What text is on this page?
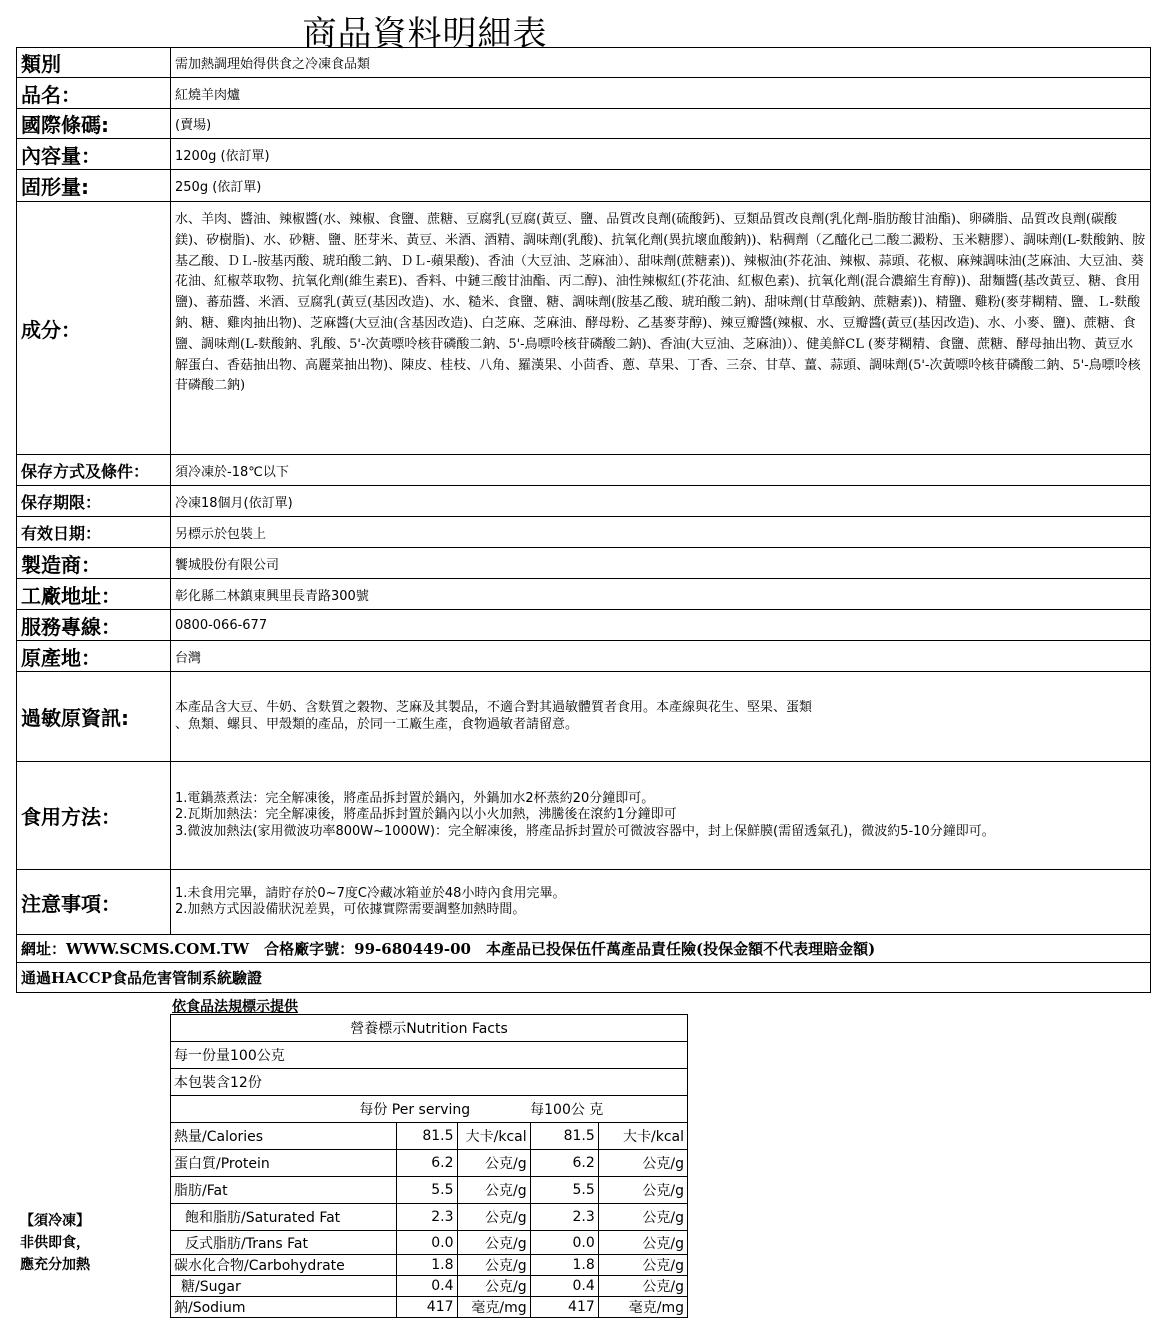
商品資料明細表
類別	需加熱調理始得供食之冷凍食品類
品名：	紅燒羊肉爐
國際條碼:	(賣場)
內容量：	1200g (依訂單)
固形量:	250g (依訂單)
成分：	水、羊肉、醬油、辣椒醬(水、辣椒、食鹽、蔗糖、豆腐乳(豆腐(黃豆、鹽、品質改良劑(硫酸鈣)、豆類品質改良劑(乳化劑-脂肪酸甘油酯)、卵磷脂、品質改良劑(碳酸鎂)、矽樹脂)、水、砂糖、鹽、胚芽米、黃豆、米酒、酒精、調味劑(乳酸)、抗氧化劑(異抗壞血酸鈉))、粘稠劑（乙醯化己二酸二澱粉、玉米糖膠）、調味劑(L-麩酸鈉、胺基乙酸、ＤＬ-胺基丙酸、琥珀酸二鈉、ＤＬ-蘋果酸)、香油（大豆油、芝麻油）、甜味劑(蔗糖素))、辣椒油(芥花油、辣椒、蒜頭、花椒、麻辣調味油(芝麻油、大豆油、葵花油、紅椒萃取物、抗氧化劑(維生素E)、香料、中鏈三酸甘油酯、丙二醇)、油性辣椒紅(芥花油、紅椒色素)、抗氧化劑(混合濃縮生育醇))、甜麵醬(基改黃豆、糖、食用鹽)、蕃茄醬、米酒、豆腐乳(黃豆(基因改造)、水、糙米、食鹽、糖、調味劑(胺基乙酸、琥珀酸二鈉)、甜味劑(甘草酸鈉、蔗糖素))、精鹽、雞粉(麥芽糊精、鹽、Ｌ-麩酸鈉、糖、雞肉抽出物)、芝麻醬(大豆油(含基因改造)、白芝麻、芝麻油、酵母粉、乙基麥芽醇)、辣豆瓣醬(辣椒、水、豆瓣醬(黃豆(基因改造)、水、小麥、鹽)、蔗糖、食鹽、調味劑(L-麩酸鈉、乳酸、5'-次黃嘌呤核苷磷酸二鈉、5'-鳥嘌呤核苷磷酸二鈉)、香油(大豆油、芝麻油)）、健美鮮CL (麥芽糊精、食鹽、蔗糖、酵母抽出物、黃豆水解蛋白、香菇抽出物、高麗菜抽出物)、陳皮、桂枝、八角、羅漢果、小茴香、蔥、草果、丁香、三奈、甘草、薑、蒜頭、調味劑(5'-次黃嘌呤核苷磷酸二鈉、5'-鳥嘌呤核苷磷酸二鈉)
保存方式及條件：	須冷凍於-18℃以下
保存期限：	冷凍18個月(依訂單)
有效日期：	另標示於包裝上
製造商：	饗城股份有限公司
工廠地址：	彰化縣二林鎮東興里長青路300號
服務專線：	0800-066-677
原產地：	台灣
過敏原資訊:	本產品含大豆、牛奶、含麩質之穀物、芝麻及其製品，不適合對其過敏體質者食用。本產線與花生、堅果、蛋類
、魚類、螺貝、甲殼類的產品，於同一工廠生產，食物過敏者請留意。

食用方法：	1.電鍋蒸煮法：完全解凍後，將產品拆封置於鍋內，外鍋加水2杯蒸約20分鐘即可。
2.瓦斯加熱法：完全解凍後，將產品拆封置於鍋內以小火加熱，沸騰後在滾約1分鐘即可
3.微波加熱法(家用微波功率800W~1000W)：完全解凍後，將產品拆封置於可微波容器中，封上保鮮膜(需留透氣孔)，微波約5-10分鐘即可。

注意事項：	1.未食用完畢，請貯存於0~7度C冷藏冰箱並於48小時內食用完畢。
2.加熱方式因設備狀況差異，可依據實際需要調整加熱時間。

網址：WWW.SCMS.COM.TW　合格廠字號：99-680449-00　本產品已投保伍仟萬產品責任險(投保金額不代表理賠金額)	
通過HACCP食品危害管制系統驗證	
依食品法規標示提供
營養標示Nutrition Facts				
每一份量100公克				
本包裝含12份				
每份 Per serving			每100公 克	
熱量/Calories	81.5	大卡/kcal	81.5	大卡/kcal
蛋白質/Protein	6.2	公克/g	6.2	公克/g
脂肪/Fat	5.5	公克/g	5.5	公克/g
飽和脂肪/Saturated Fat	2.3	公克/g	2.3	公克/g
反式脂肪/Trans Fat	0.0	公克/g	0.0	公克/g
碳水化合物/Carbohydrate	1.8	公克/g	1.8	公克/g
糖/Sugar	0.4	公克/g	0.4	公克/g
鈉/Sodium	417	毫克/mg	417	毫克/mg
【須冷凍】
非供即食，
應充分加熱
